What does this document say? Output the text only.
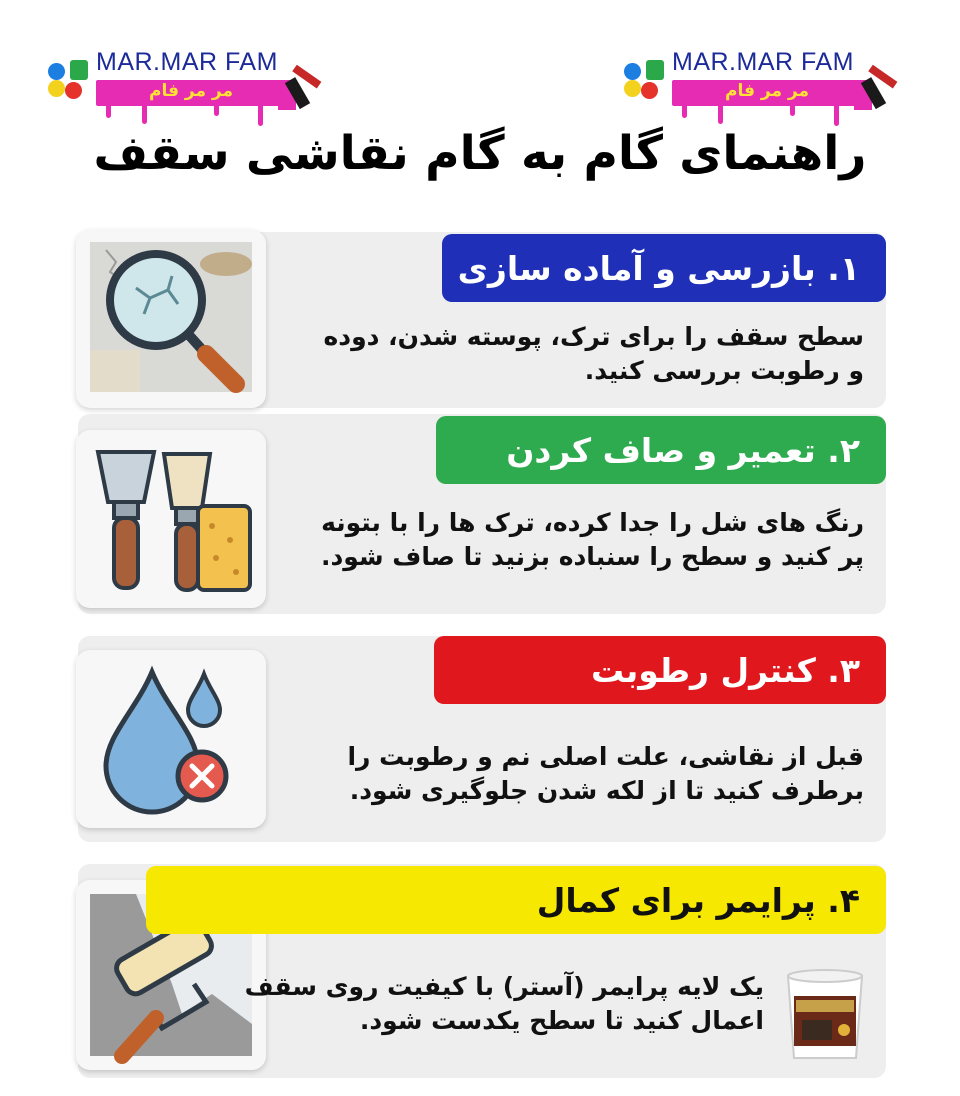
MAR.MAR FAM
مر مر فام
MAR.MAR FAM
مر مر فام
راهنمای گام به گام نقاشی سقف
۱. بازرسی و آماده سازی
سطح سقف را برای ترک، پوسته شدن، دوده
و رطوبت بررسی کنید.
۲. تعمیر و صاف کردن
رنگ های شل را جدا کرده، ترک ها را با بتونه
پر کنید و سطح را سنباده بزنید تا صاف شود.
۳. کنترل رطوبت
قبل از نقاشی، علت اصلی نم و رطوبت را
برطرف کنید تا از لکه شدن جلوگیری شود.
۴. پرایمر برای کمال
یک لایه پرایمر (آستر) با کیفیت روی سقف
اعمال کنید تا سطح یکدست شود.
